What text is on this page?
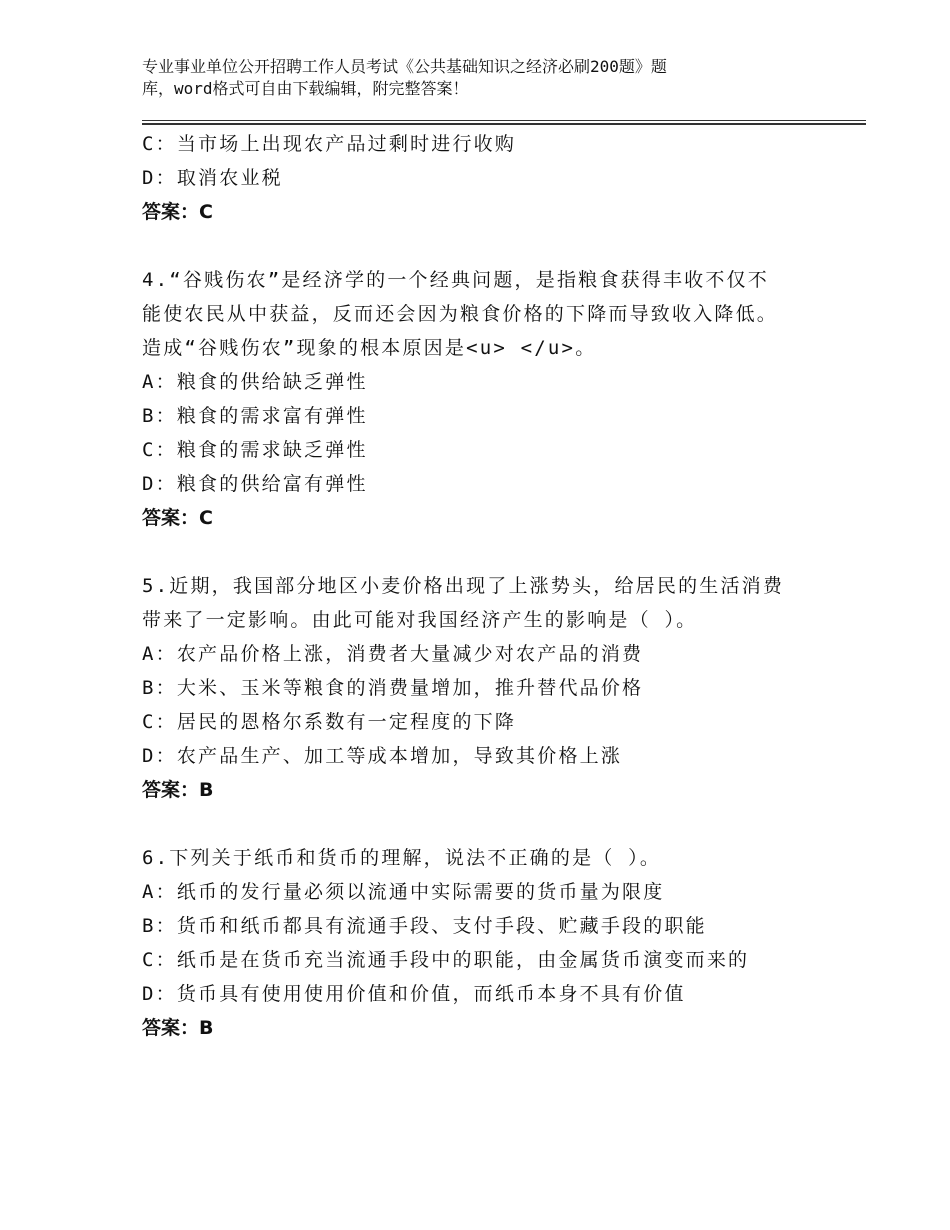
专业事业单位公开招聘工作人员考试《公共基础知识之经济必刷200题》题
库，word格式可自由下载编辑，附完整答案！
C：当市场上出现农产品过剩时进行收购
D：取消农业税
答案：C
4.“谷贱伤农”是经济学的一个经典问题，是指粮食获得丰收不仅不
能使农民从中获益，反而还会因为粮食价格的下降而导致收入降低。
造成“谷贱伤农”现象的根本原因是<u> </u>。
A：粮食的供给缺乏弹性
B：粮食的需求富有弹性
C：粮食的需求缺乏弹性
D：粮食的供给富有弹性
答案：C
5.近期，我国部分地区小麦价格出现了上涨势头，给居民的生活消费
带来了一定影响。由此可能对我国经济产生的影响是（ ）。
A：农产品价格上涨，消费者大量减少对农产品的消费
B：大米、玉米等粮食的消费量增加，推升替代品价格
C：居民的恩格尔系数有一定程度的下降
D：农产品生产、加工等成本增加，导致其价格上涨
答案：B
6.下列关于纸币和货币的理解，说法不正确的是（ ）。
A：纸币的发行量必须以流通中实际需要的货币量为限度
B：货币和纸币都具有流通手段、支付手段、贮藏手段的职能
C：纸币是在货币充当流通手段中的职能，由金属货币演变而来的
D：货币具有使用使用价值和价值，而纸币本身不具有价值
答案：B
